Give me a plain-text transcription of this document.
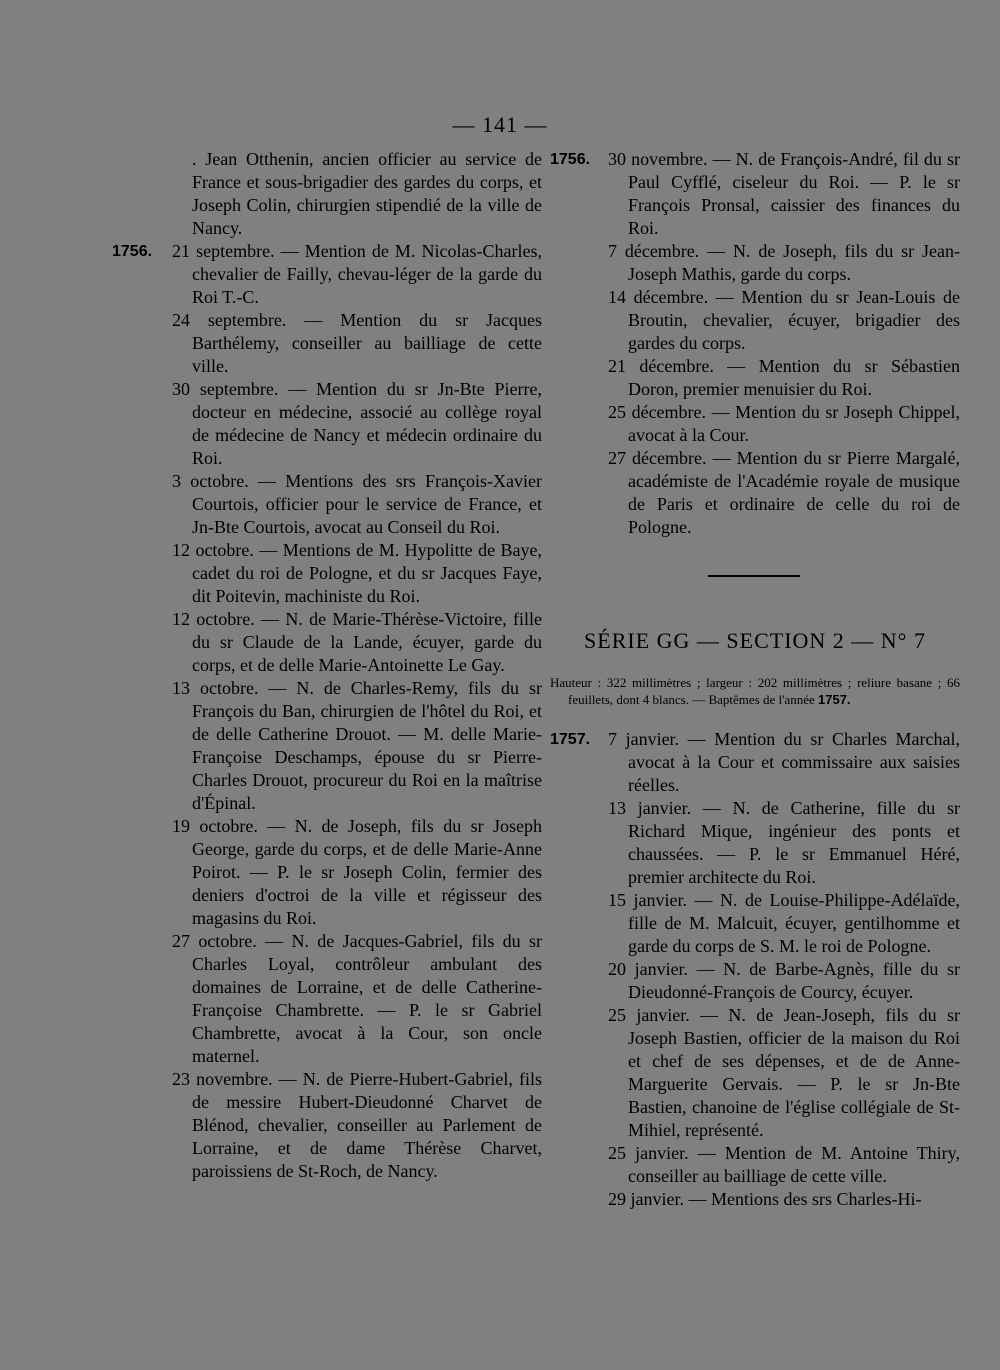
— 141 —
. Jean Otthenin, ancien officier au service de France et sous-brigadier des gardes du corps, et Joseph Colin, chirurgien stipendié de la ville de Nancy.
1756. 21 septembre. — Mention de M. Nicolas-Charles, chevalier de Failly, chevau-léger de la garde du Roi T.-C.
24 septembre. — Mention du sr Jacques Barthélemy, conseiller au bailliage de cette ville.
30 septembre. — Mention du sr Jn-Bte Pierre, docteur en médecine, associé au collège royal de médecine de Nancy et médecin ordinaire du Roi.
3 octobre. — Mentions des srs François-Xavier Courtois, officier pour le service de France, et Jn-Bte Courtois, avocat au Conseil du Roi.
12 octobre. — Mentions de M. Hypolitte de Baye, cadet du roi de Pologne, et du sr Jacques Faye, dit Poitevin, machiniste du Roi.
12 octobre. — N. de Marie-Thérèse-Victoire, fille du sr Claude de la Lande, écuyer, garde du corps, et de delle Marie-Antoinette Le Gay.
13 octobre. — N. de Charles-Remy, fils du sr François du Ban, chirurgien de l'hôtel du Roi, et de delle Catherine Drouot. — M. delle Marie-Françoise Deschamps, épouse du sr Pierre-Charles Drouot, procureur du Roi en la maîtrise d'Épinal.
19 octobre. — N. de Joseph, fils du sr Joseph George, garde du corps, et de delle Marie-Anne Poirot. — P. le sr Joseph Colin, fermier des deniers d'octroi de la ville et régisseur des magasins du Roi.
27 octobre. — N. de Jacques-Gabriel, fils du sr Charles Loyal, contrôleur ambulant des domaines de Lorraine, et de delle Catherine-Françoise Chambrette. — P. le sr Gabriel Chambrette, avocat à la Cour, son oncle maternel.
23 novembre. — N. de Pierre-Hubert-Gabriel, fils de messire Hubert-Dieudonné Charvet de Blénod, chevalier, conseiller au Parlement de Lorraine, et de dame Thérèse Charvet, paroissiens de St-Roch, de Nancy.
1756. 30 novembre. — N. de François-André, fil du sr Paul Cyfflé, ciseleur du Roi. — P. le sr François Pronsal, caissier des finances du Roi.
7 décembre. — N. de Joseph, fils du sr Jean-Joseph Mathis, garde du corps.
14 décembre. — Mention du sr Jean-Louis de Broutin, chevalier, écuyer, brigadier des gardes du corps.
21 décembre. — Mention du sr Sébastien Doron, premier menuisier du Roi.
25 décembre. — Mention du sr Joseph Chippel, avocat à la Cour.
27 décembre. — Mention du sr Pierre Margalé, académiste de l'Académie royale de musique de Paris et ordinaire de celle du roi de Pologne.
SÉRIE GG — SECTION 2 — N° 7
Hauteur : 322 millimètres ; largeur : 202 millimètres ; reliure basane ; 66 feuillets, dont 4 blancs. — Baptêmes de l'année 1757.
1757. 7 janvier. — Mention du sr Charles Marchal, avocat à la Cour et commissaire aux saisies réelles.
13 janvier. — N. de Catherine, fille du sr Richard Mique, ingénieur des ponts et chaussées. — P. le sr Emmanuel Héré, premier architecte du Roi.
15 janvier. — N. de Louise-Philippe-Adélaïde, fille de M. Malcuit, écuyer, gentilhomme et garde du corps de S. M. le roi de Pologne.
20 janvier. — N. de Barbe-Agnès, fille du sr Dieudonné-François de Courcy, écuyer.
25 janvier. — N. de Jean-Joseph, fils du sr Joseph Bastien, officier de la maison du Roi et chef de ses dépenses, et de de Anne-Marguerite Gervais. — P. le sr Jn-Bte Bastien, chanoine de l'église collégiale de St-Mihiel, représenté.
25 janvier. — Mention de M. Antoine Thiry, conseiller au bailliage de cette ville.
29 janvier. — Mentions des srs Charles-Hi-
